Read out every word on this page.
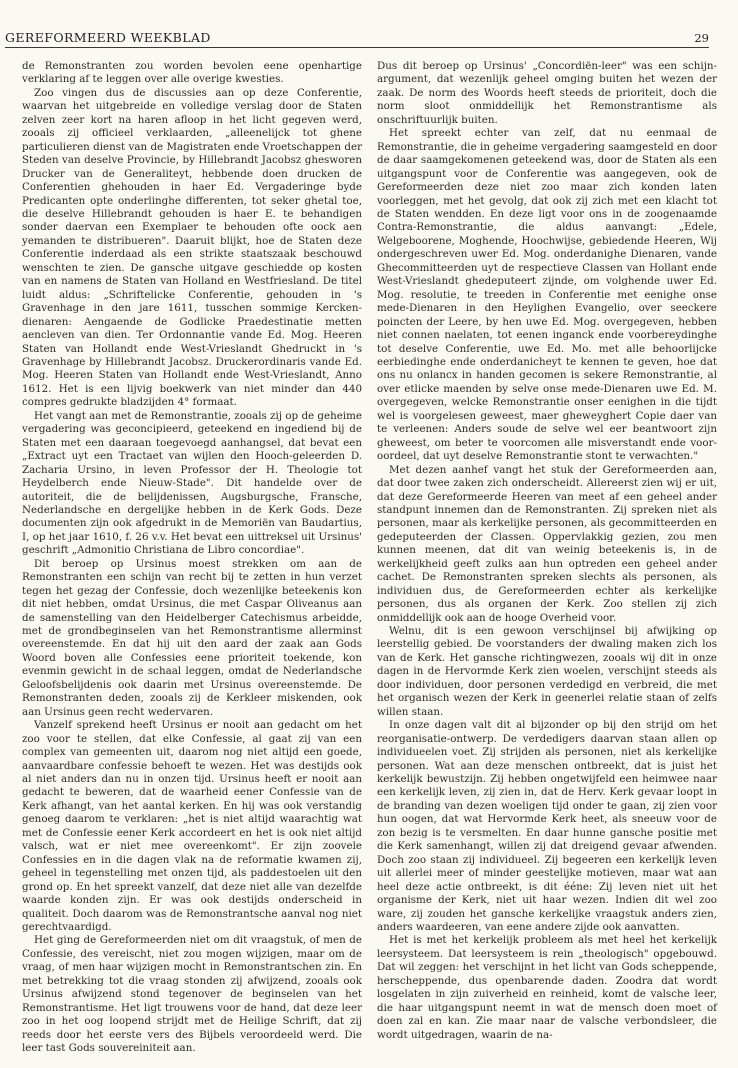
GEREFORMEERD WEEKBLAD	29

de Remonstranten zou worden bevolen eene openhartige verklaring af te leggen over alle overige kwesties.

Zoo vingen dus de discussies aan op deze Conferentie, waarvan het uitgebreide en volledige verslag door de Staten zelven zeer kort na haren afloop in het licht gegeven werd, zooals zij officieel verklaarden, „alleenelijck tot ghene particulieren dienst van de Magistraten ende Vroetschappen der Steden van deselve Provincie, by Hillebrandt Jacobsz ghesworen Drucker van de Generaliteyt, hebbende doen drucken de Conferentien ghehouden in haer Ed. Vergaderinge byde Predicanten opte onderlinghe differenten, tot seker ghetal toe, die deselve Hillebrandt gehouden is haer E. te behandigen sonder daervan een Exemplaer te behouden ofte oock aen yemanden te distribueren". Daaruit blijkt, hoe de Staten deze Conferentie inderdaad als een strikte staatszaak beschouwd wenschten te zien. De gansche uitgave geschiedde op kosten van en namens de Staten van Holland en Westfriesland. De titel luidt aldus: „Schriftelicke Conferentie, gehouden in 's Gravenhage in den jare 1611, tusschen sommige Kercken-dienaren: Aengaende de Godlicke Praedestinatie metten aencleven van dien. Ter Ordonnantie vande Ed. Mog. Heeren Staten van Hollandt ende West-Vrieslandt Ghedruckt in 's Gravenhage by Hillebrandt Jacobsz. Druckerordinaris vande Ed. Mog. Heeren Staten van Hollandt ende West-Vrieslandt, Anno 1612. Het is een lijvig boekwerk van niet minder dan 440 compres gedrukte bladzijden 4° formaat.

Het vangt aan met de Remonstrantie, zooals zij op de geheime vergadering was geconcipieerd, geteekend en ingediend bij de Staten met een daaraan toegevoegd aanhangsel, dat bevat een „Extract uyt een Tractaet van wijlen den Hooch-geleerden D. Zacharia Ursino, in leven Professor der H. Theologie tot Heydelberch ende Nieuw-Stade". Dit handelde over de autoriteit, die de belijdenissen, Augsburgsche, Fransche, Nederlandsche en dergelijke hebben in de Kerk Gods. Deze documenten zijn ook afgedrukt in de Memoriën van Baudartius, I, op het jaar 1610, f. 26 v.v. Het bevat een uittreksel uit Ursinus' geschrift „Admonitio Christiana de Libro concordiae".

Dit beroep op Ursinus moest strekken om aan de Remonstranten een schijn van recht bij te zetten in hun verzet tegen het gezag der Confessie, doch wezenlijke beteekenis kon dit niet hebben, omdat Ursinus, die met Caspar Oliveanus aan de samenstelling van den Heidelberger Catechismus arbeidde, met de grondbeginselen van het Remonstrantisme allerminst overeenstemde. En dat hij uit den aard der zaak aan Gods Woord boven alle Confessies eene prioriteit toekende, kon evenmin gewicht in de schaal leggen, omdat de Nederlandsche Geloofsbelijdenis ook daarin met Ursinus overeenstemde. De Remonstranten deden, zooals zij de Kerkleer miskenden, ook aan Ursinus geen recht wedervaren.

Vanzelf sprekend heeft Ursinus er nooit aan gedacht om het zoo voor te stellen, dat elke Confessie, al gaat zij van een complex van gemeenten uit, daarom nog niet altijd een goede, aanvaardbare confessie behoeft te wezen. Het was destijds ook al niet anders dan nu in onzen tijd. Ursinus heeft er nooit aan gedacht te beweren, dat de waarheid eener Confessie van de Kerk afhangt, van het aantal kerken. En hij was ook verstandig genoeg daarom te verklaren: „het is niet altijd waarachtig wat met de Confessie eener Kerk accordeert en het is ook niet altijd valsch, wat er niet mee overeenkomt". Er zijn zoovele Confessies en in die dagen vlak na de reformatie kwamen zij, geheel in tegenstelling met onzen tijd, als paddestoelen uit den grond op. En het spreekt vanzelf, dat deze niet alle van dezelfde waarde konden zijn. Er was ook destijds onderscheid in qualiteit. Doch daarom was de Remonstrantsche aanval nog niet gerechtvaardigd.

Het ging de Gereformeerden niet om dit vraagstuk, of men de Confessie, des vereischt, niet zou mogen wijzigen, maar om de vraag, of men haar wijzigen mocht in Remonstrantschen zin. En met betrekking tot die vraag stonden zij afwijzend, zooals ook Ursinus afwijzend stond tegenover de beginselen van het Remonstrantisme. Het ligt trouwens voor de hand, dat deze leer zoo in het oog loopend strijdt met de Heilige Schrift, dat zij reeds door het eerste vers des Bijbels veroordeeld werd. Die leer tast Gods souvereiniteit aan.

Dus dit beroep op Ursinus' „Concordiën-leer" was een schijn-argument, dat wezenlijk geheel omging buiten het wezen der zaak. De norm des Woords heeft steeds de prioriteit, doch die norm sloot onmiddellijk het Remonstrantisme als onschriftuurlijk buiten.

Het spreekt echter van zelf, dat nu eenmaal de Remonstrantie, die in geheime vergadering saamgesteld en door de daar saamgekomenen geteekend was, door de Staten als een uitgangspunt voor de Conferentie was aangegeven, ook de Gereformeerden deze niet zoo maar zich konden laten voorleggen, met het gevolg, dat ook zij zich met een klacht tot de Staten wendden. En deze ligt voor ons in de zoogenaamde Contra-Remonstrantie, die aldus aanvangt: „Edele, Welgeboorene, Moghende, Hoochwijse, gebiedende Heeren, Wij ondergeschreven uwer Ed. Mog. onderdanighe Dienaren, vande Ghecommitteerden uyt de respectieve Classen van Hollant ende West-Vrieslandt ghedeputeert zijnde, om volghende uwer Ed. Mog. resolutie, te treeden in Conferentie met eenighe onse mede-Dienaren in den Heylighen Evangelio, over seeckere poincten der Leere, by hen uwe Ed. Mog. overgegeven, hebben niet connen naelaten, tot eenen inganck ende voorbereydinghe tot deselve Conferentie, uwe Ed. Mo. met alle behoorlijcke eerbiedinghe ende onderdanicheyt te kennen te geven, hoe dat ons nu onlancx in handen gecomen is sekere Remonstrantie, al over etlicke maenden by selve onse mede-Dienaren uwe Ed. M. overgegeven, welcke Remonstrantie onser eenighen in die tijdt wel is voorgelesen geweest, maer gheweyghert Copie daer van te verleenen: Anders soude de selve wel eer beantwoort zijn gheweest, om beter te voorcomen alle misverstandt ende voor-oordeel, dat uyt deselve Remonstrantie stont te verwachten."

Met dezen aanhef vangt het stuk der Gereformeerden aan, dat door twee zaken zich onderscheidt. Allereerst zien wij er uit, dat deze Gereformeerde Heeren van meet af een geheel ander standpunt innemen dan de Remonstranten. Zij spreken niet als personen, maar als kerkelijke personen, als gecommitteerden en gedeputeerden der Classen. Oppervlakkig gezien, zou men kunnen meenen, dat dit van weinig beteekenis is, in de werkelijkheid geeft zulks aan hun optreden een geheel ander cachet. De Remonstranten spreken slechts als personen, als individuen dus, de Gereformeerden echter als kerkelijke personen, dus als organen der Kerk. Zoo stellen zij zich onmiddellijk ook aan de hooge Overheid voor.

Welnu, dit is een gewoon verschijnsel bij afwijking op leerstellig gebied. De voorstanders der dwaling maken zich los van de Kerk. Het gansche richtingwezen, zooals wij dit in onze dagen in de Hervormde Kerk zien woelen, verschijnt steeds als door individuen, door personen verdedigd en verbreid, die met het organisch wezen der Kerk in geenerlei relatie staan of zelfs willen staan.

In onze dagen valt dit al bijzonder op bij den strijd om het reorganisatie-ontwerp. De verdedigers daarvan staan allen op individueelen voet. Zij strijden als personen, niet als kerkelijke personen. Wat aan deze menschen ontbreekt, dat is juist het kerkelijk bewustzijn. Zij hebben ongetwijfeld een heimwee naar een kerkelijk leven, zij zien in, dat de Herv. Kerk gevaar loopt in de branding van dezen woeligen tijd onder te gaan, zij zien voor hun oogen, dat wat Hervormde Kerk heet, als sneeuw voor de zon bezig is te versmelten. En daar hunne gansche positie met die Kerk samenhangt, willen zij dat dreigend gevaar afwenden. Doch zoo staan zij individueel. Zij begeeren een kerkelijk leven uit allerlei meer of minder geestelijke motieven, maar wat aan heel deze actie ontbreekt, is dit ééne: Zij leven niet uit het organisme der Kerk, niet uit haar wezen. Indien dit wel zoo ware, zij zouden het gansche kerkelijke vraagstuk anders zien, anders waardeeren, van eene andere zijde ook aanvatten.

Het is met het kerkelijk probleem als met heel het kerkelijk leersysteem. Dat leersysteem is rein „theologisch" opgebouwd. Dat wil zeggen: het verschijnt in het licht van Gods scheppende, herscheppende, dus openbarende daden. Zoodra dat wordt losgelaten in zijn zuiverheid en reinheid, komt de valsche leer, die haar uitgangspunt neemt in wat de mensch doen moet of doen zal en kan. Zie maar naar de valsche verbondsleer, die wordt uitgedragen, waarin de na-
